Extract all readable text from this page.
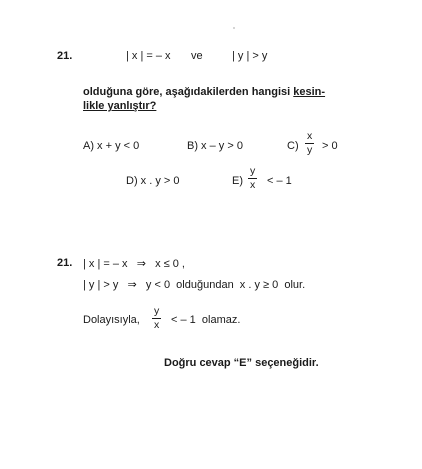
21.	| x | = – x ve	| y | > y
olduğuna göre, aşağıdakilerden hangisi kesin-
likle yanlıştır?
A) x + y < 0	B) x – y > 0	$C) \frac{x}{y} > 0$
D) x . y > 0	$E) \frac{y}{x}$ < – 1
21. | x | = – x   ⇒   x ≤ 0 ,
| y | > y   ⇒   y < 0  olduğundan  x . y ≥ 0  olur.
Dolayısıyla, $\frac{y}{x}$ < – 1  olamaz.
Doğru cevap “E” seçeneğidir.
